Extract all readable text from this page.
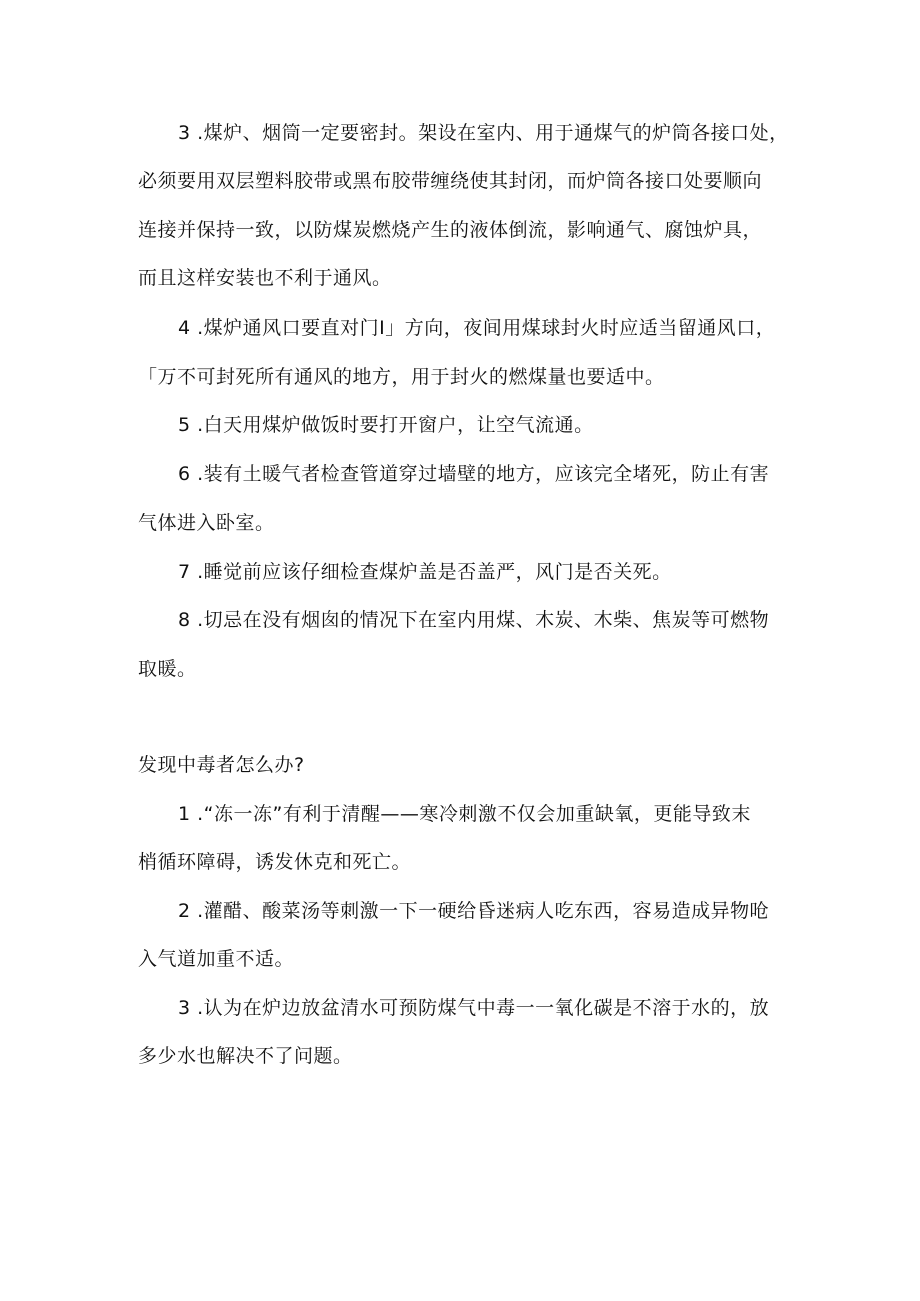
3 .煤炉、烟筒一定要密封。架设在室内、用于通煤气的炉筒各接口处，
必须要用双层塑料胶带或黑布胶带缠绕使其封闭，而炉筒各接口处要顺向
连接并保持一致，以防煤炭燃烧产生的液体倒流，影响通气、腐蚀炉具，
而且这样安装也不利于通风。
4 .煤炉通风口要直对门I」方向，夜间用煤球封火时应适当留通风口，
「万不可封死所有通风的地方，用于封火的燃煤量也要适中。
5 .白天用煤炉做饭时要打开窗户，让空气流通。
6 .装有土暖气者检查管道穿过墙壁的地方，应该完全堵死，防止有害
气体进入卧室。
7 .睡觉前应该仔细检查煤炉盖是否盖严，风门是否关死。
8 .切忌在没有烟囱的情况下在室内用煤、木炭、木柴、焦炭等可燃物
取暖。
发现中毒者怎么办?
1 .“冻一冻”有利于清醒——寒冷刺激不仅会加重缺氧，更能导致末
梢循环障碍，诱发休克和死亡。
2 .灌醋、酸菜汤等刺激一下一硬给昏迷病人吃东西，容易造成异物呛
入气道加重不适。
3 .认为在炉边放盆清水可预防煤气中毒一一氧化碳是不溶于水的，放
多少水也解决不了问题。
